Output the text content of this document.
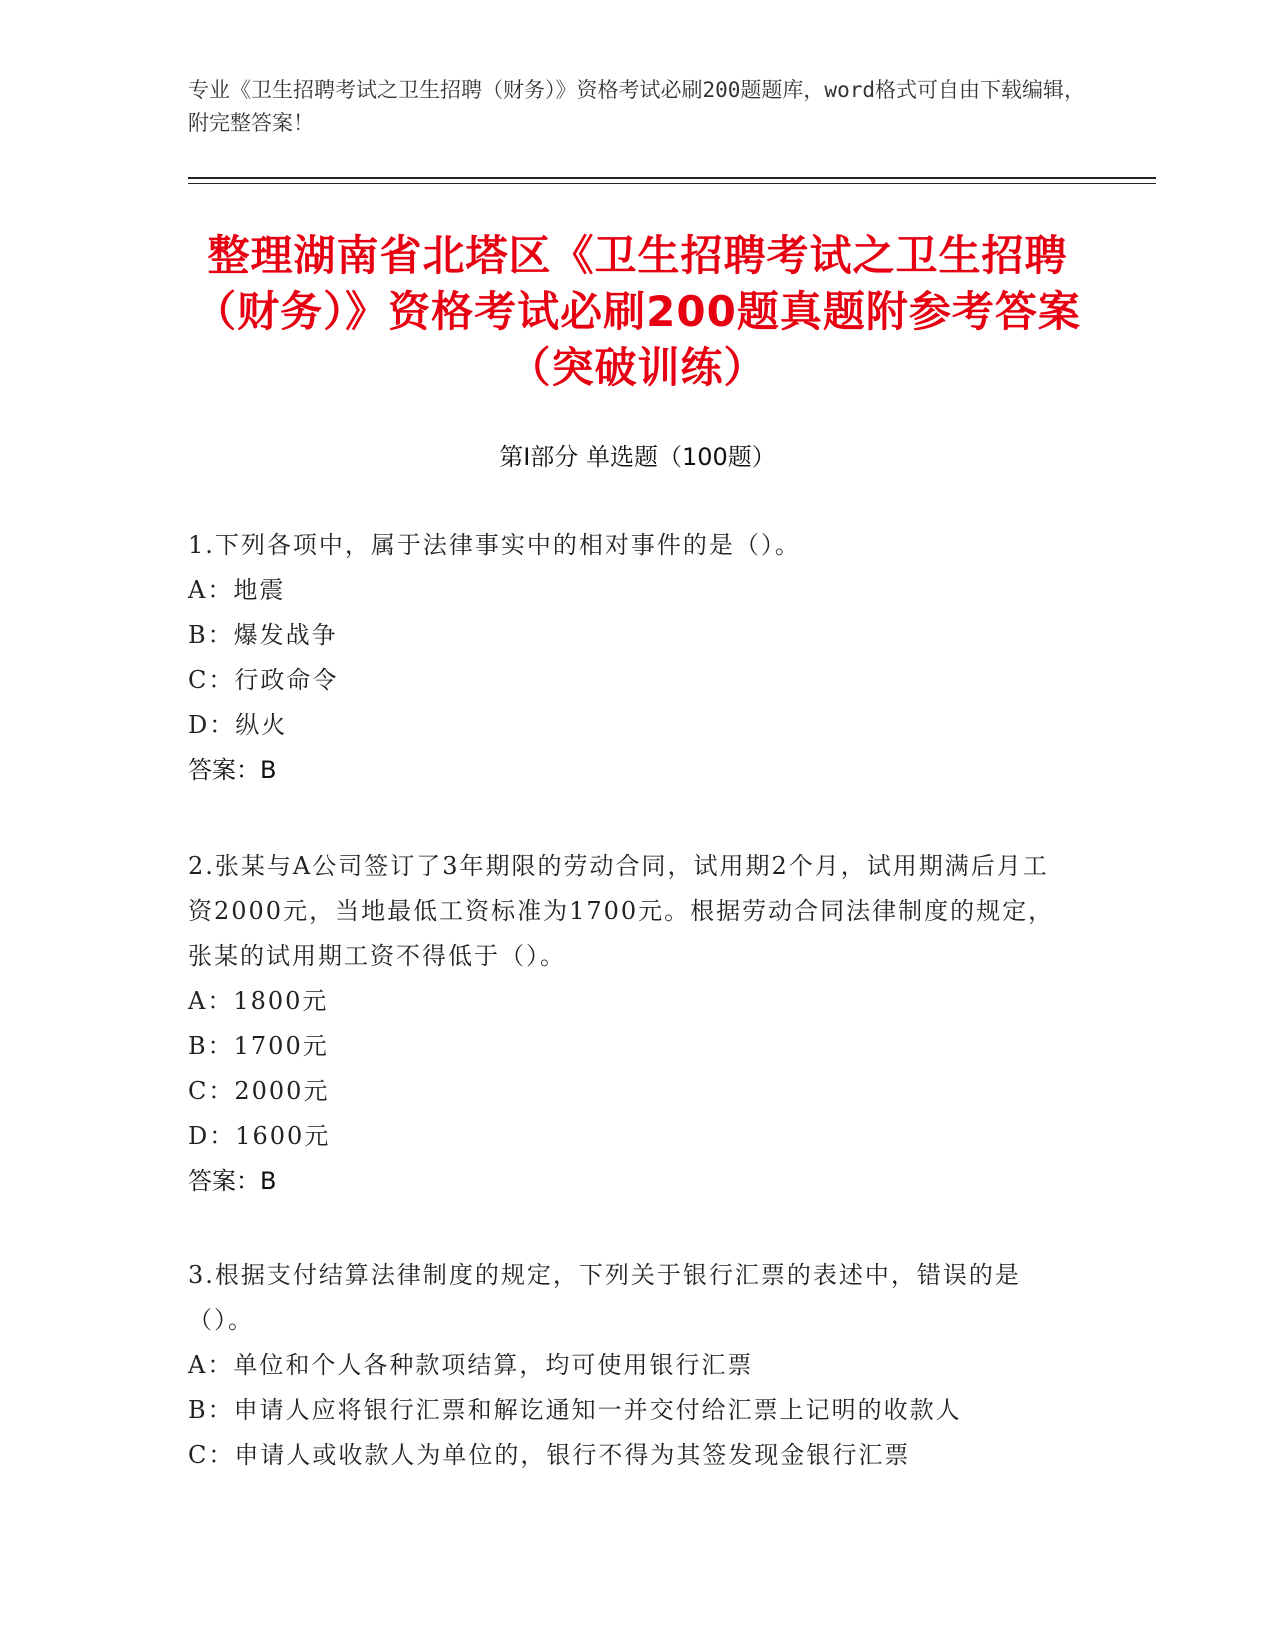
专业《卫生招聘考试之卫生招聘（财务）》资格考试必刷200题题库，word格式可自由下载编辑，附完整答案！
整理湖南省北塔区《卫生招聘考试之卫生招聘（财务）》资格考试必刷200题真题附参考答案（突破训练）
第Ⅰ部分 单选题（100题）

1.下列各项中，属于法律事实中的相对事件的是（）。

A：地震

B：爆发战争

C：行政命令

D：纵火

答案：B

2.张某与A公司签订了3年期限的劳动合同，试用期2个月，试用期满后月工资2000元，当地最低工资标准为1700元。根据劳动合同法律制度的规定，张某的试用期工资不得低于（）。

A：1800元

B：1700元

C：2000元

D：1600元

答案：B

3.根据支付结算法律制度的规定，下列关于银行汇票的表述中，错误的是（）。

A：单位和个人各种款项结算，均可使用银行汇票

B：申请人应将银行汇票和解讫通知一并交付给汇票上记明的收款人

C：申请人或收款人为单位的，银行不得为其签发现金银行汇票
